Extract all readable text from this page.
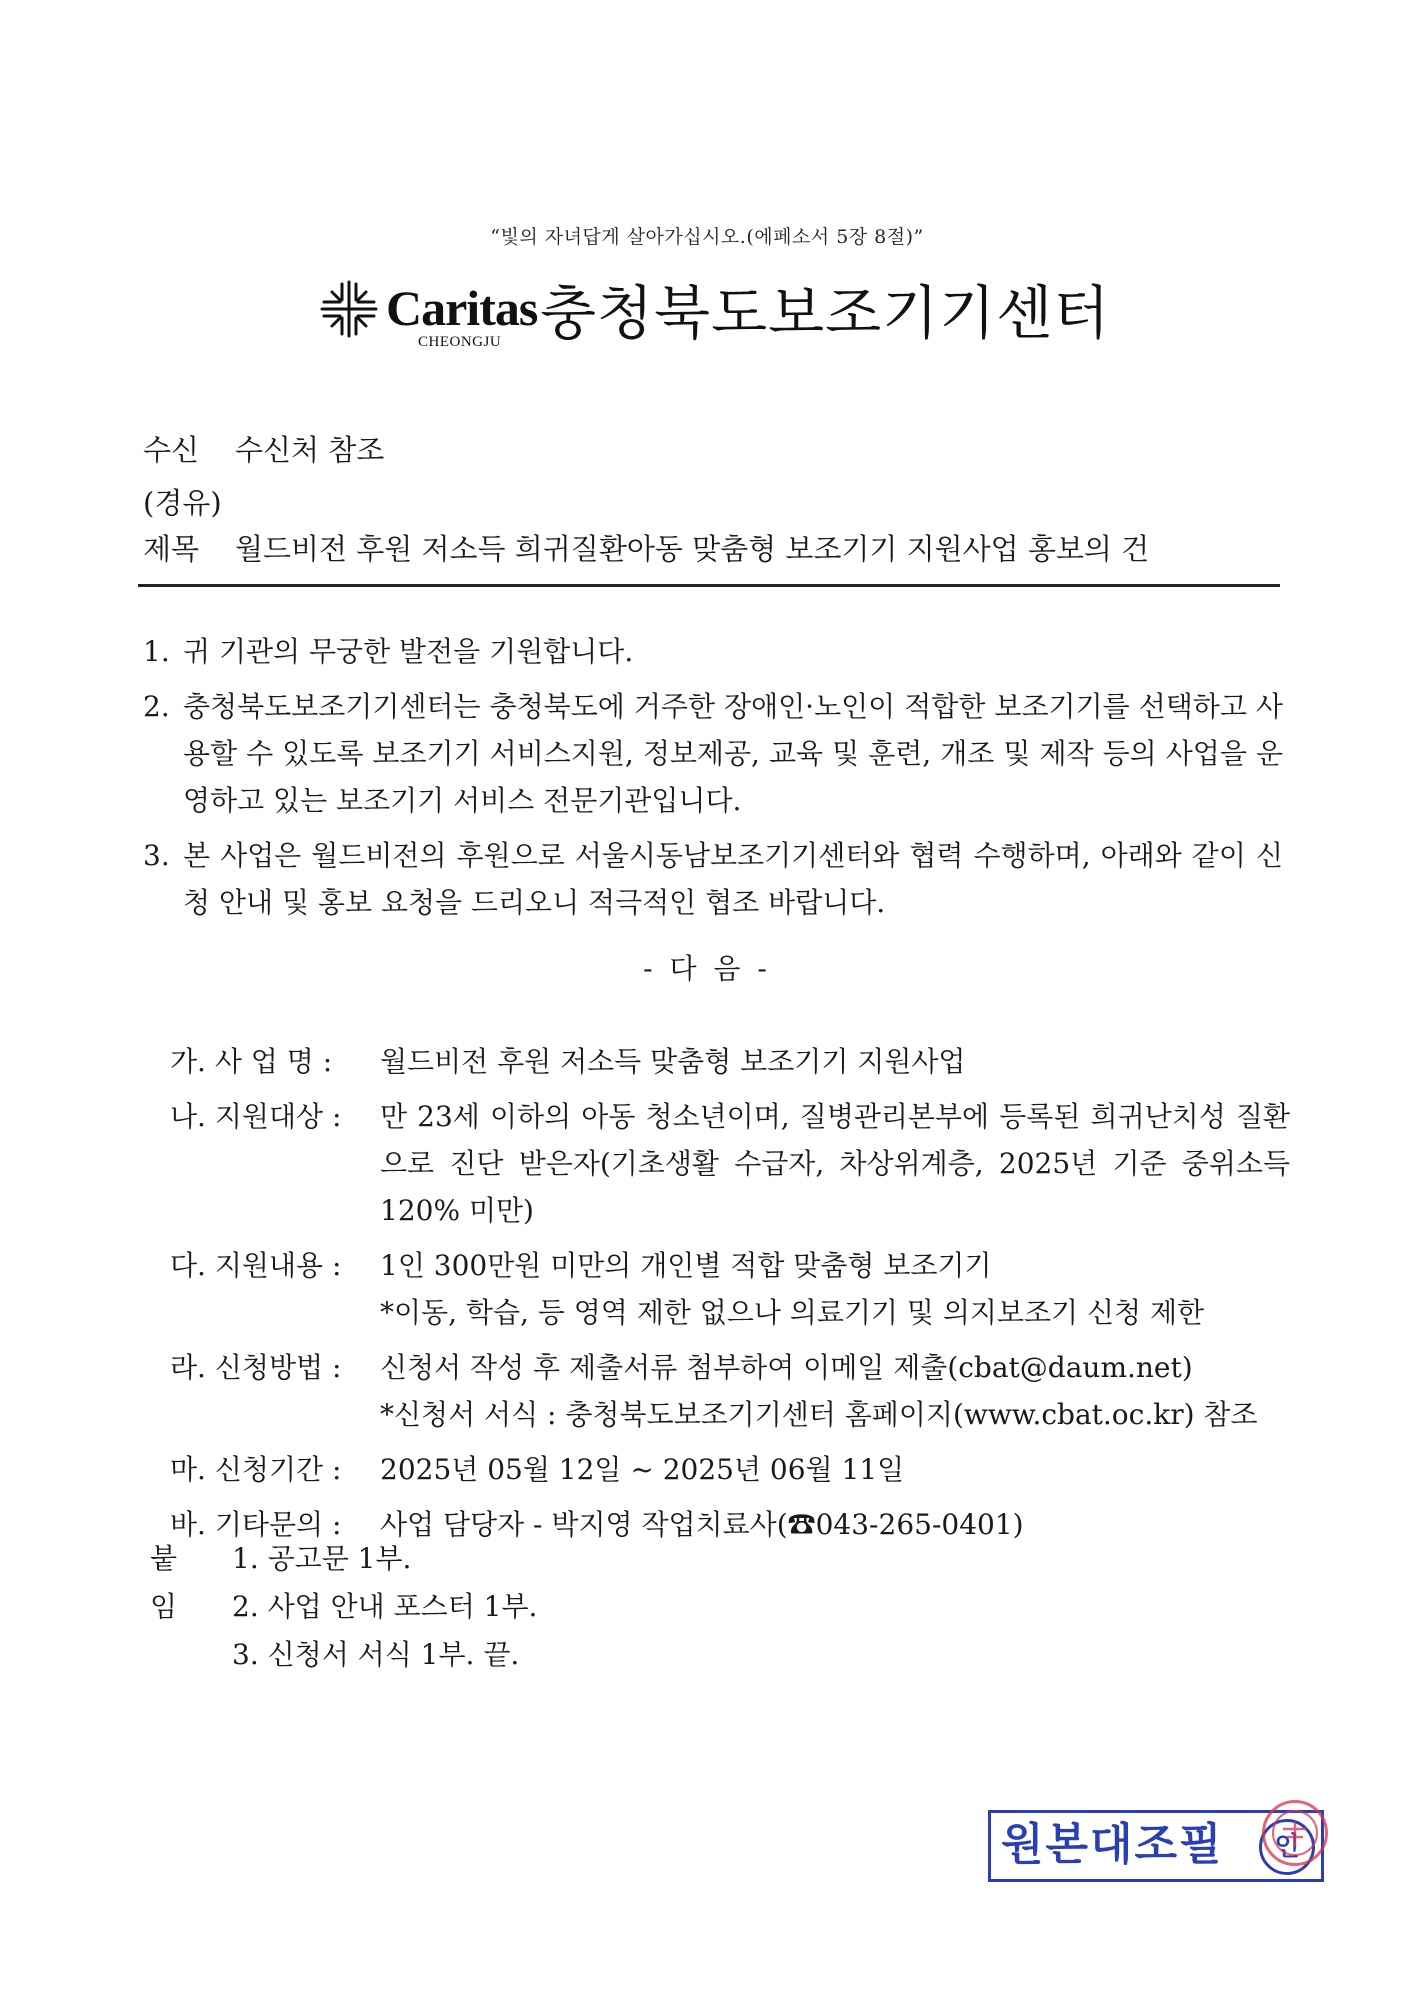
“빛의 자녀답게 살아가십시오.(에페소서 5장 8절)”
Caritas
CHEONGJU 충청북도보조기기센터
수신 수신처 참조
(경유)
제목 월드비전 후원 저소득 희귀질환아동 맞춤형 보조기기 지원사업 홍보의 건
1. 귀 기관의 무궁한 발전을 기원합니다.
2. 충청북도보조기기센터는 충청북도에 거주한 장애인·노인이 적합한 보조기기를 선택하고 사용할 수 있도록 보조기기 서비스지원, 정보제공, 교육 및 훈련, 개조 및 제작 등의 사업을 운영하고 있는 보조기기 서비스 전문기관입니다.
3. 본 사업은 월드비전의 후원으로 서울시동남보조기기센터와 협력 수행하며, 아래와 같이 신청 안내 및 홍보 요청을 드리오니 적극적인 협조 바랍니다.
- 다 음 -
가. 사 업 명 :	월드비전 후원 저소득 맞춤형 보조기기 지원사업
나. 지원대상 :	만 23세 이하의 아동 청소년이며, 질병관리본부에 등록된 희귀난치성 질환으로 진단 받은자(기초생활 수급자, 차상위계층, 2025년 기준 중위소득 120% 미만)
다. 지원내용 :	1인 300만원 미만의 개인별 적합 맞춤형 보조기기
*이동, 학습, 등 영역 제한 없으나 의료기기 및 의지보조기 신청 제한
라. 신청방법 :	신청서 작성 후 제출서류 첨부하여 이메일 제출(cbat@daum.net)
*신청서 서식 : 충청북도보조기기센터 홈페이지(www.cbat.oc.kr) 참조
마. 신청기간 :	2025년 05월 12일 ~ 2025년 06월 11일
바. 기타문의 :	사업 담당자 - 박지영 작업치료사(☎043-265-0401)
붙임
1. 공고문 1부.
2. 사업 안내 포스터 1부.
3. 신청서 서식 1부. 끝.
원본대조필	인
